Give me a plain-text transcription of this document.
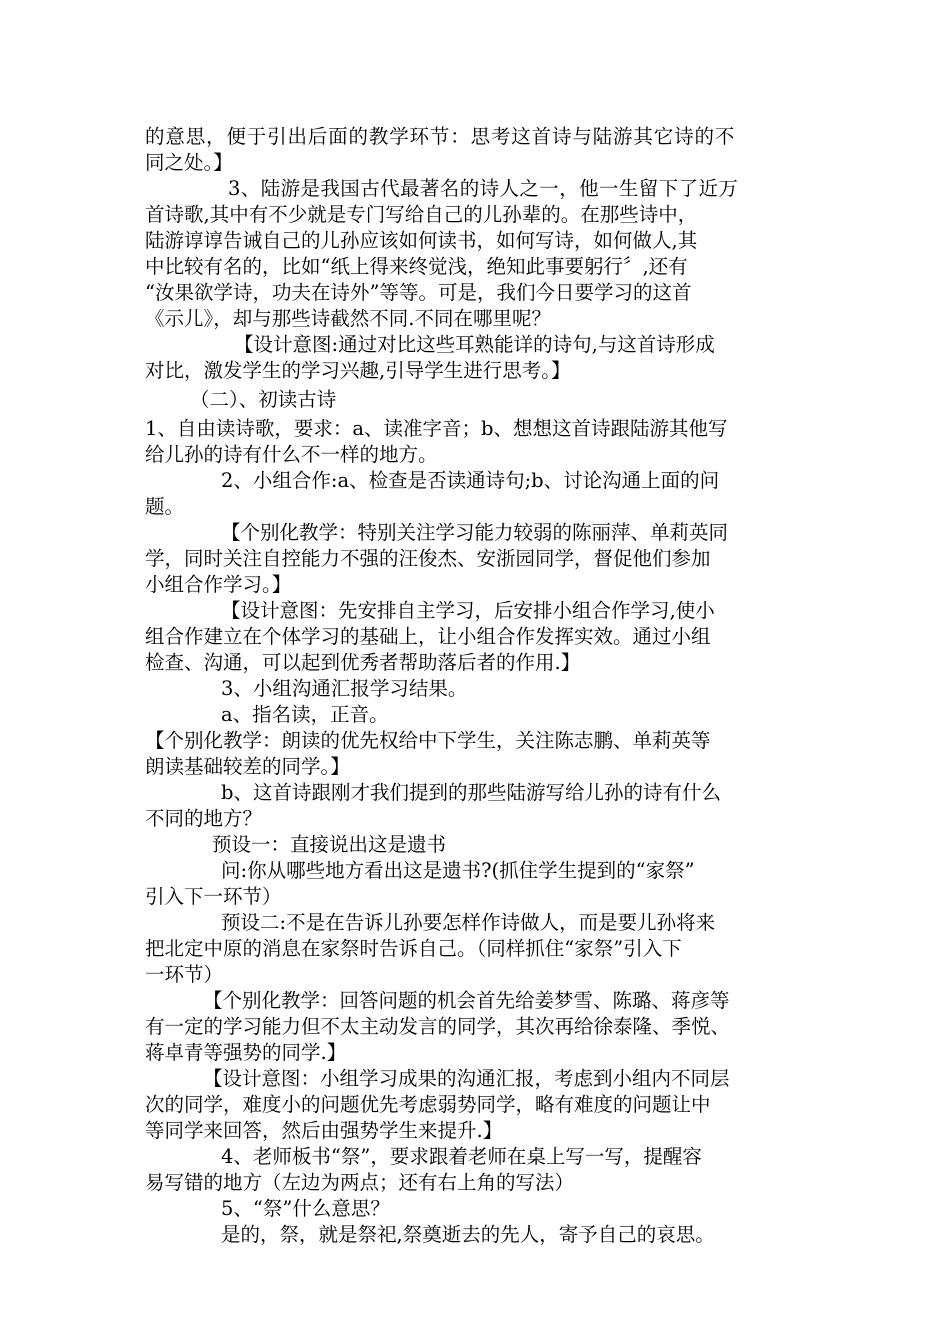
的意思，便于引出后面的教学环节：思考这首诗与陆游其它诗的不
同之处。】
3、陆游是我国古代最著名的诗人之一，他一生留下了近万
首诗歌,其中有不少就是专门写给自己的儿孙辈的。在那些诗中，
陆游谆谆告诫自己的儿孙应该如何读书，如何写诗，如何做人,其
中比较有名的，比如“纸上得来终觉浅，绝知此事要躬行〞,还有
“汝果欲学诗，功夫在诗外”等等。可是，我们今日要学习的这首
《示儿》，却与那些诗截然不同.不同在哪里呢？
【设计意图:通过对比这些耳熟能详的诗句,与这首诗形成
对比，激发学生的学习兴趣,引导学生进行思考。】
（二）、初读古诗
1、自由读诗歌，要求：a、读准字音；b、想想这首诗跟陆游其他写
给儿孙的诗有什么不一样的地方。
2、小组合作:a、检查是否读通诗句;b、讨论沟通上面的问
题。
【个别化教学：特别关注学习能力较弱的陈丽萍、单莉英同
学，同时关注自控能力不强的汪俊杰、安浙园同学，督促他们参加
小组合作学习。】
【设计意图：先安排自主学习，后安排小组合作学习,使小
组合作建立在个体学习的基础上，让小组合作发挥实效。通过小组
检查、沟通，可以起到优秀者帮助落后者的作用.】
3、小组沟通汇报学习结果。
a、指名读，正音。
【个别化教学：朗读的优先权给中下学生，关注陈志鹏、单莉英等
朗读基础较差的同学。】
b、这首诗跟刚才我们提到的那些陆游写给儿孙的诗有什么
不同的地方？
预设一：直接说出这是遗书
问:你从哪些地方看出这是遗书?(抓住学生提到的“家祭”
引入下一环节）
预设二:不是在告诉儿孙要怎样作诗做人，而是要儿孙将来
把北定中原的消息在家祭时告诉自己。（同样抓住“家祭”引入下
一环节）
【个别化教学：回答问题的机会首先给姜梦雪、陈璐、蒋彦等
有一定的学习能力但不太主动发言的同学，其次再给徐泰隆、季悦、
蒋卓青等强势的同学.】
【设计意图：小组学习成果的沟通汇报，考虑到小组内不同层
次的同学，难度小的问题优先考虑弱势同学，略有难度的问题让中
等同学来回答，然后由强势学生来提升.】
4、老师板书“祭”，要求跟着老师在桌上写一写，提醒容
易写错的地方（左边为两点；还有右上角的写法）
5、“祭”什么意思？
是的，祭，就是祭祀,祭奠逝去的先人，寄予自己的哀思。
